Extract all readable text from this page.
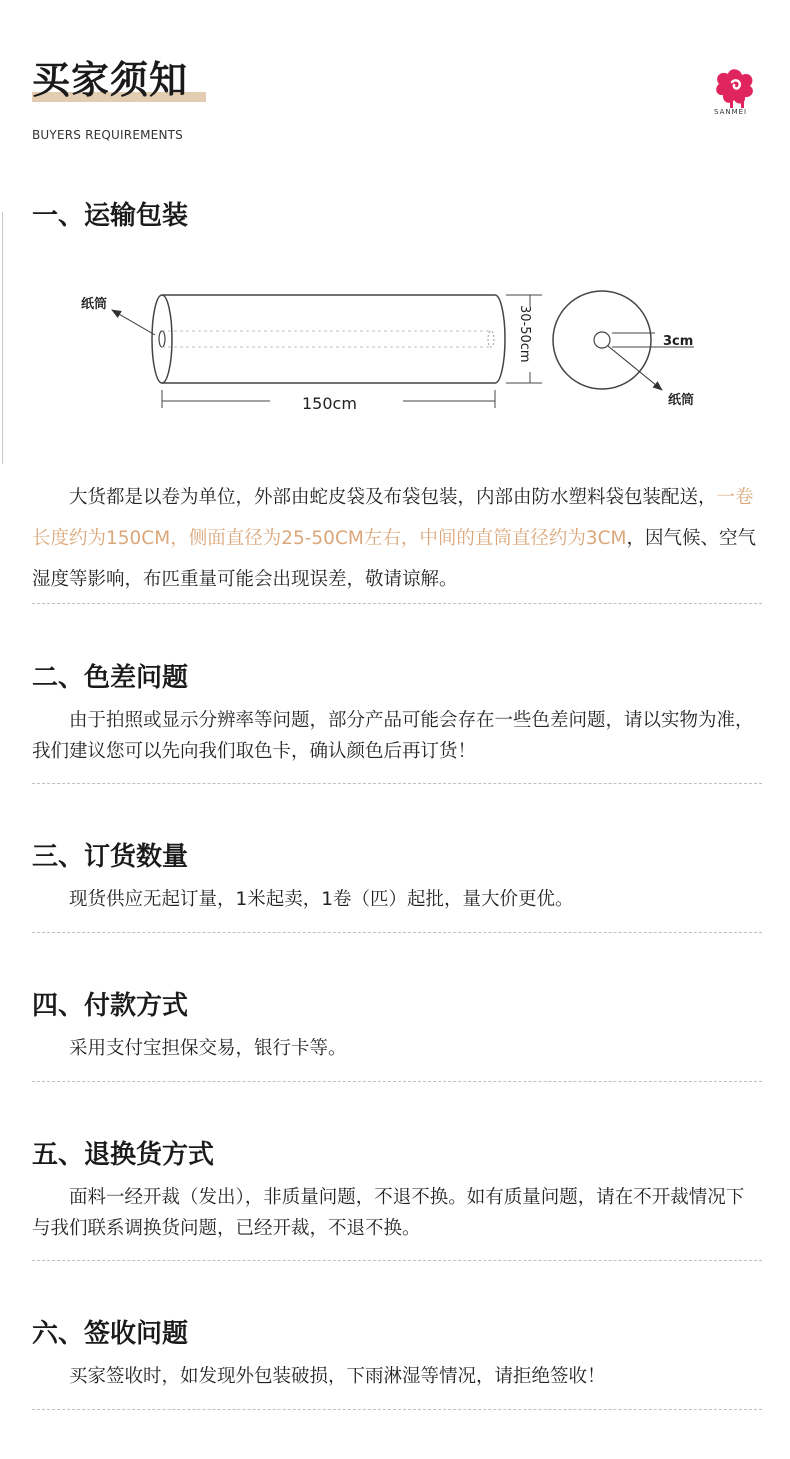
买家须知
BUYERS REQUIREMENTS
SANMEI
一、运输包装
纸筒
150cm
30-50cm	3cm
纸筒

大货都是以卷为单位，外部由蛇皮袋及布袋包装，内部由防水塑料袋包装配送，一卷长度约为150CM，侧面直径为25-50CM左右，中间的直筒直径约为3CM，因气候、空气湿度等影响，布匹重量可能会出现误差，敬请谅解。

二、色差问题

由于拍照或显示分辨率等问题，部分产品可能会存在一些色差问题，请以实物为准，我们建议您可以先向我们取色卡，确认颜色后再订货！

三、订货数量

现货供应无起订量，1米起卖，1卷（匹）起批，量大价更优。

四、付款方式

采用支付宝担保交易，银行卡等。

五、退换货方式

面料一经开裁（发出），非质量问题，不退不换。如有质量问题，请在不开裁情况下与我们联系调换货问题，已经开裁，不退不换。

六、签收问题

买家签收时，如发现外包装破损，下雨淋湿等情况，请拒绝签收！
